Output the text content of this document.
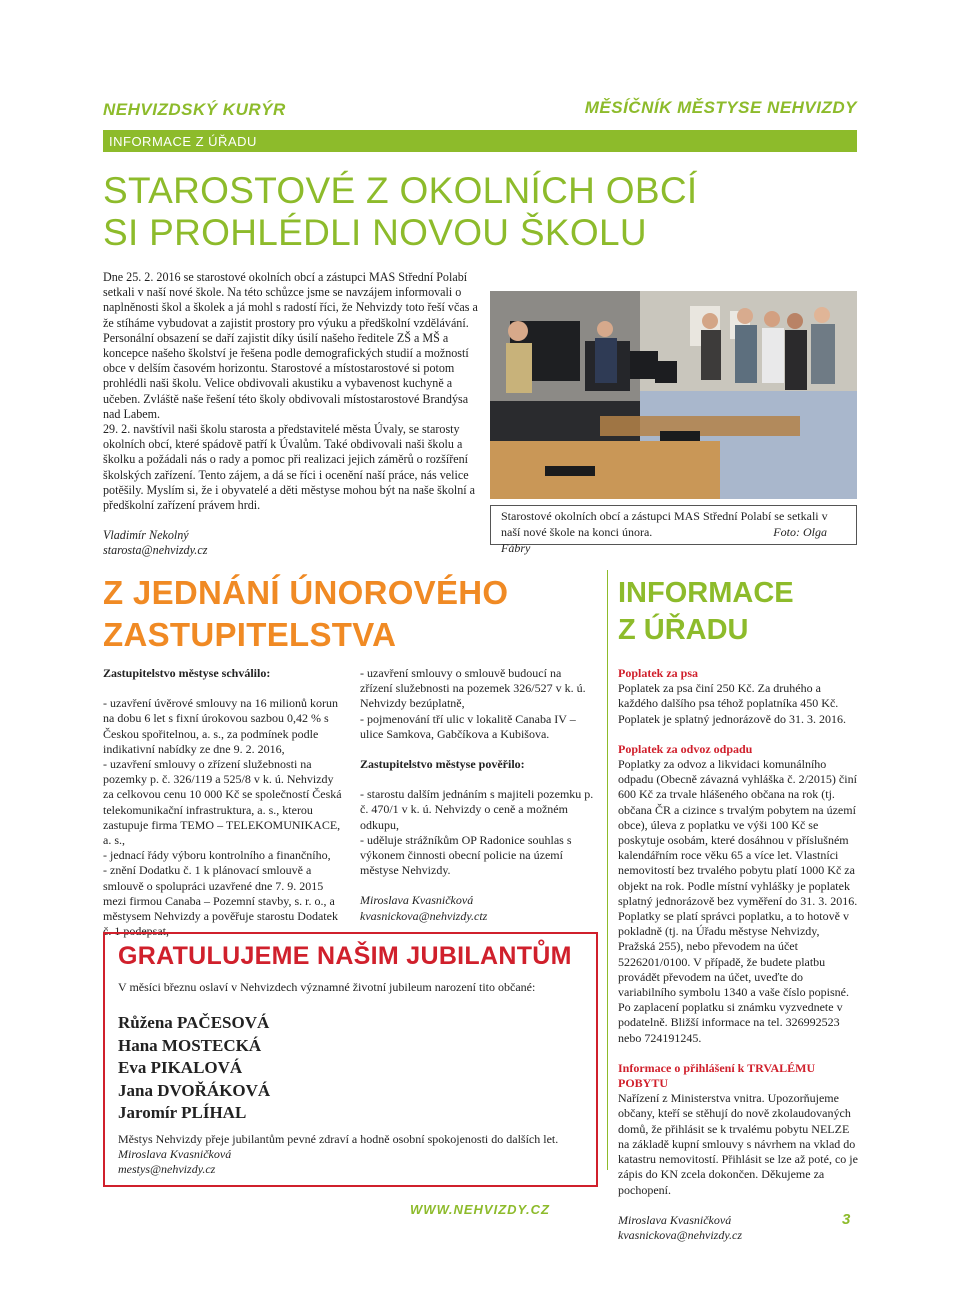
NEHVIZDSKÝ KURÝR	MĚSÍČNÍK MĚSTYSE NEHVIZDY
INFORMACE Z ÚŘADU
STAROSTOVÉ Z OKOLNÍCH OBCÍ
SI PROHLÉDLI NOVOU ŠKOLU

Dne 25. 2. 2016 se starostové okolních obcí a zástupci MAS Střední Polabí setkali v naší nové škole. Na této schůzce jsme se navzájem informovali o naplněnosti škol a školek a já mohl s radostí říci, že Nehvizdy toto řeší včas a že stíháme vybudovat a zajistit prostory pro výuku a předškolní vzdělávání. Personální obsazení se daří zajistit díky úsilí našeho ředitele ZŠ a MŠ a koncepce našeho školství je řešena podle demografických studií a možností obce v delším časovém horizontu. Starostové a místostarostové si potom prohlédli naši školu. Velice obdivovali akustiku a vybavenost kuchyně a učeben. Zvláště naše řešení této školy obdivovali místostarostové Brandýsa nad Labem.

29. 2. navštívil naši školu starosta a představitelé města Úvaly, se starosty okolních obcí, které spádově patří k Úvalům. Také obdivovali naši školu a školku a požádali nás o rady a pomoc při realizaci jejich záměrů o rozšíření školských zařízení. Tento zájem, a dá se říci i ocenění naší práce, nás velice potěšily. Myslím si, že i obyvatelé a děti městyse mohou být na naše školní a předškolní zařízení právem hrdi.

Vladimír Nekolný

starosta@nehvizdy.cz

Starostové okolních obcí a zástupci MAS Střední Polabí se setkali v naší nové škole na konci února.	Foto: Olga Fábry
Z JEDNÁNÍ ÚNOROVÉHO
ZASTUPITELSTVA

Zastupitelstvo městyse schválilo:

- uzavření úvěrové smlouvy na 16 milionů korun na dobu 6 let s fixní úrokovou sazbou 0,42 % s Českou spořitelnou, a. s., za podmínek podle indikativní nabídky ze dne 9. 2. 2016,

- uzavření smlouvy o zřízení služebnosti na pozemky p. č. 326/119 a 525/8 v k. ú. Nehvizdy za celkovou cenu 10 000 Kč se společností Česká telekomunikační infrastruktura, a. s., kterou zastupuje firma TEMO – TELEKOMUNIKACE, a. s.,

- jednací řády výboru kontrolního a finančního,

- znění Dodatku č. 1 k plánovací smlouvě a smlouvě o spolupráci uzavřené dne 7. 9. 2015 mezi firmou Canaba – Pozemní stavby, s. r. o., a městysem Nehvizdy a pověřuje starostu Dodatek č. 1 podepsat,

- uzavření smlouvy o smlouvě budoucí na zřízení služebnosti na pozemek 326/527 v k. ú. Nehvizdy bezúplatně,

- pojmenování tří ulic v lokalitě Canaba IV – ulice Samkova, Gabčíkova a Kubišova.

Zastupitelstvo městyse pověřilo:

- starostu dalším jednáním s majiteli pozemku p. č. 470/1 v k. ú. Nehvizdy o ceně a možném odkupu,

- uděluje strážníkům OP Radonice souhlas s výkonem činnosti obecní policie na území městyse Nehvizdy.

Miroslava Kvasničková

kvasnickova@nehvizdy.ctz

INFORMACE
Z ÚŘADU

Poplatek za psa

Poplatek za psa činí 250 Kč. Za druhého a každého dalšího psa téhož poplatníka 450 Kč. Poplatek je splatný jednorázově do 31. 3. 2016.

Poplatek za odvoz odpadu

Poplatky za odvoz a likvidaci komunálního odpadu (Obecně závazná vyhláška č. 2/2015) činí 600 Kč za trvale hlášeného občana na rok (tj. občana ČR a cizince s trvalým pobytem na území obce), úleva z poplatku ve výši 100 Kč se poskytuje osobám, které dosáhnou v příslušném kalendářním roce věku 65 a více let. Vlastníci nemovitostí bez trvalého pobytu platí 1000 Kč za objekt na rok. Podle místní vyhlášky je poplatek splatný jednorázově bez vyměření do 31. 3. 2016.

Poplatky se platí správci poplatku, a to hotově v pokladně (tj. na Úřadu městyse Nehvizdy, Pražská 255), nebo převodem na účet 5226201/0100. V případě, že budete platbu provádět převodem na účet, uveďte do variabilního symbolu 1340 a vaše číslo popisné. Po zaplacení poplatku si známku vyzvednete v podatelně. Bližší informace na tel. 326992523 nebo 724191245.

Informace o přihlášení k TRVALÉMU POBYTU

Nařízení z Ministerstva vnitra. Upozorňujeme občany, kteří se stěhují do nově zkolaudovaných domů, že přihlásit se k trvalému pobytu NELZE na základě kupní smlouvy s návrhem na vklad do katastru nemovitostí. Přihlásit se lze až poté, co je zápis do KN zcela dokončen. Děkujeme za pochopení.

Miroslava Kvasničková

kvasnickova@nehvizdy.cz

GRATULUJEME NAŠIM JUBILANTŮM
V měsíci březnu oslaví v Nehvizdech významné životní jubileum narození tito občané:
Růžena PAČESOVÁ
Hana MOSTECKÁ
Eva PIKALOVÁ
Jana DVOŘÁKOVÁ
Jaromír PLÍHAL

Městys Nehvizdy přeje jubilantům pevné zdraví a hodně osobní spokojenosti do dalších let.

Miroslava Kvasničková

mestys@nehvizdy.cz

WWW.NEHVIZDY.CZ
3
